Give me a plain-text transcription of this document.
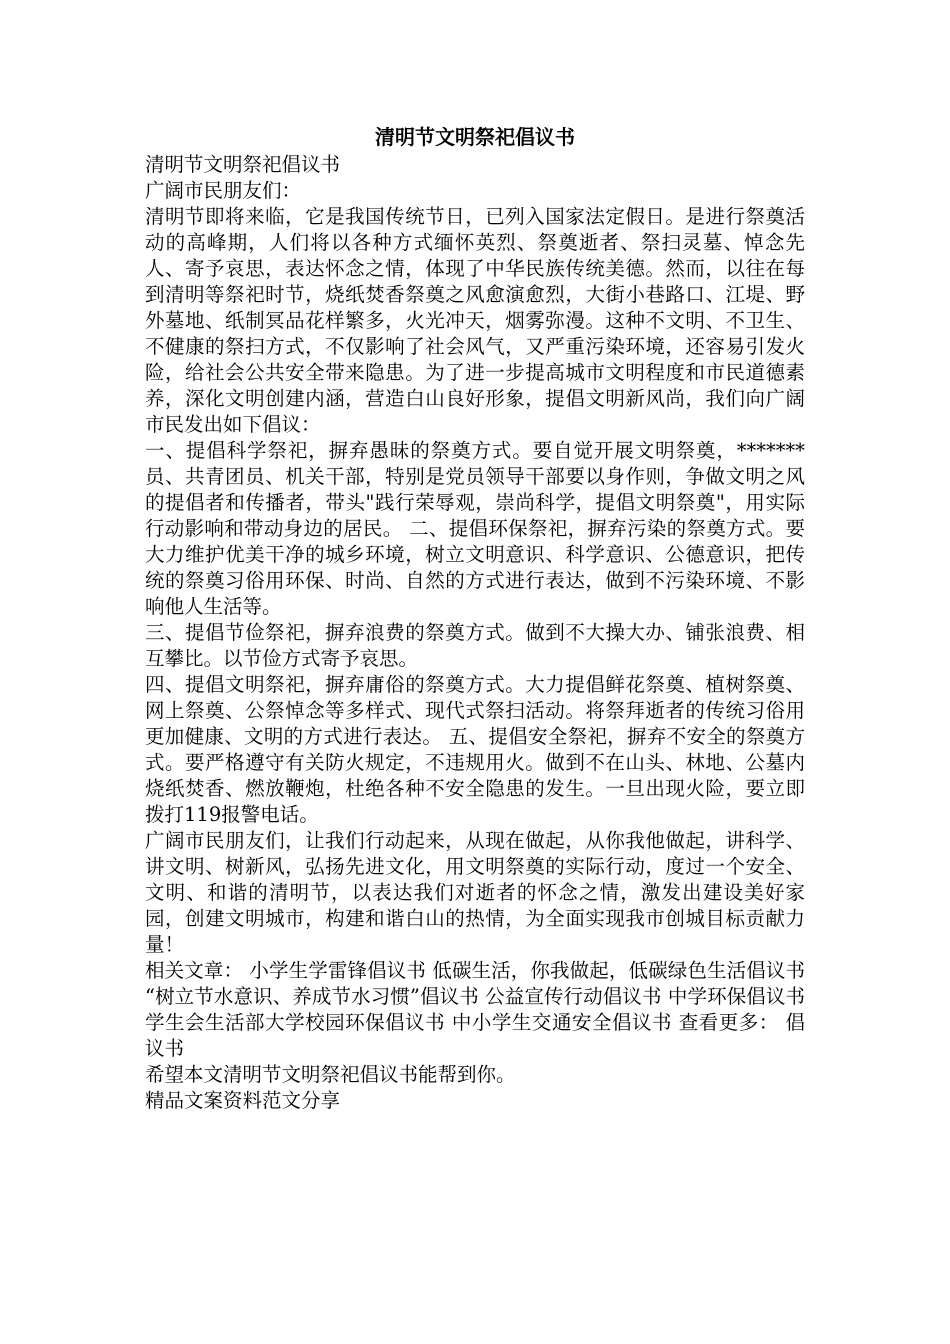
清明节文明祭祀倡议书

清明节文明祭祀倡议书

广阔市民朋友们：

清明节即将来临，它是我国传统节日，已列入国家法定假日。是进行祭奠活动的高峰期，人们将以各种方式缅怀英烈、祭奠逝者、祭扫灵墓、悼念先人、寄予哀思，表达怀念之情，体现了中华民族传统美德。然而，以往在每到清明等祭祀时节，烧纸焚香祭奠之风愈演愈烈，大街小巷路口、江堤、野外墓地、纸制冥品花样繁多，火光冲天，烟雾弥漫。这种不文明、不卫生、不健康的祭扫方式，不仅影响了社会风气，又严重污染环境，还容易引发火险，给社会公共安全带来隐患。为了进一步提高城市文明程度和市民道德素养，深化文明创建内涵，营造白山良好形象，提倡文明新风尚，我们向广阔市民发出如下倡议：

一、提倡科学祭祀，摒弃愚昧的祭奠方式。要自觉开展文明祭奠，*******员、共青团员、机关干部，特别是党员领导干部要以身作则，争做文明之风的提倡者和传播者，带头"践行荣辱观，崇尚科学，提倡文明祭奠"，用实际行动影响和带动身边的居民。 二、提倡环保祭祀，摒弃污染的祭奠方式。要大力维护优美干净的城乡环境，树立文明意识、科学意识、公德意识，把传统的祭奠习俗用环保、时尚、自然的方式进行表达，做到不污染环境、不影响他人生活等。

三、提倡节俭祭祀，摒弃浪费的祭奠方式。做到不大操大办、铺张浪费、相互攀比。以节俭方式寄予哀思。

四、提倡文明祭祀，摒弃庸俗的祭奠方式。大力提倡鲜花祭奠、植树祭奠、网上祭奠、公祭悼念等多样式、现代式祭扫活动。将祭拜逝者的传统习俗用更加健康、文明的方式进行表达。 五、提倡安全祭祀，摒弃不安全的祭奠方式。要严格遵守有关防火规定，不违规用火。做到不在山头、林地、公墓内烧纸焚香、燃放鞭炮，杜绝各种不安全隐患的发生。一旦出现火险，要立即拨打119报警电话。

广阔市民朋友们，让我们行动起来，从现在做起，从你我他做起，讲科学、讲文明、树新风，弘扬先进文化，用文明祭奠的实际行动，度过一个安全、文明、和谐的清明节，以表达我们对逝者的怀念之情，激发出建设美好家园，创建文明城市，构建和谐白山的热情，为全面实现我市创城目标贡献力量！

相关文章： 小学生学雷锋倡议书 低碳生活，你我做起，低碳绿色生活倡议书 “树立节水意识、养成节水习惯”倡议书 公益宣传行动倡议书 中学环保倡议书 学生会生活部大学校园环保倡议书 中小学生交通安全倡议书 查看更多： 倡议书

希望本文清明节文明祭祀倡议书能帮到你。

精品文案资料范文分享
